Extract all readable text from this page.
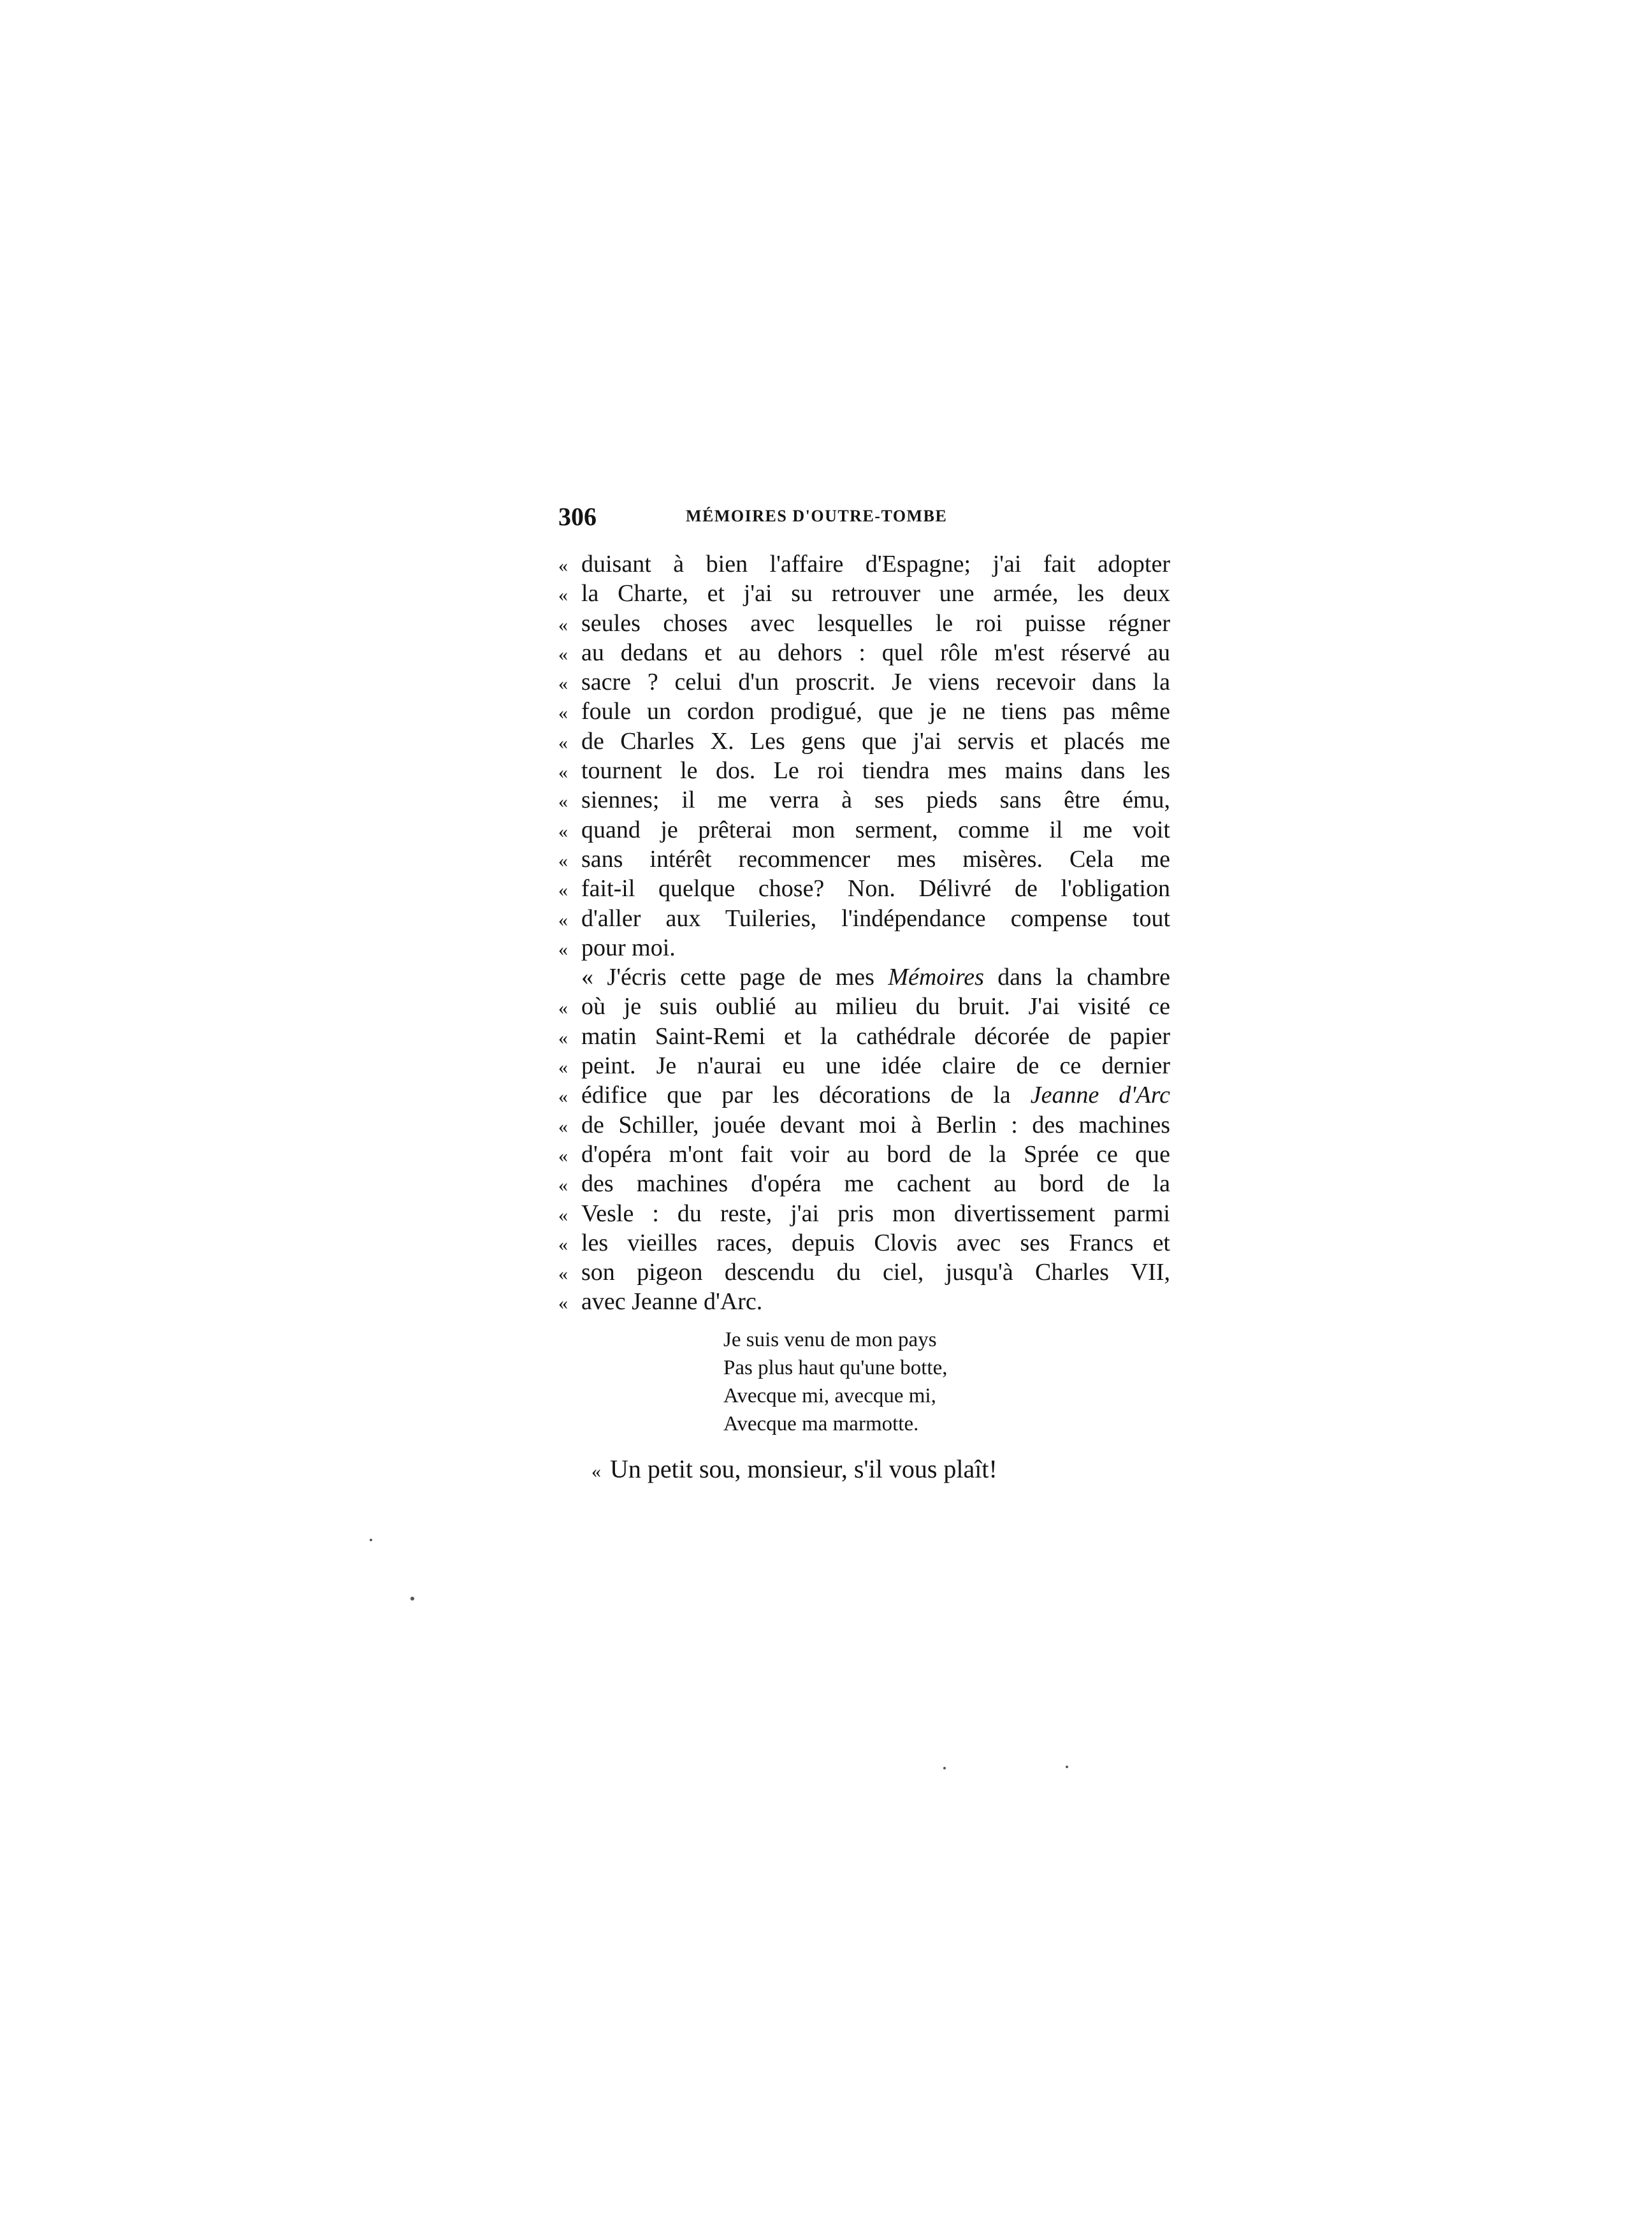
306	MÉMOIRES D'OUTRE-TOMBE
« duisant à bien l'affaire d'Espagne; j'ai fait adopter
« la Charte, et j'ai su retrouver une armée, les deux
« seules choses avec lesquelles le roi puisse régner
« au dedans et au dehors : quel rôle m'est réservé au
« sacre ? celui d'un proscrit. Je viens recevoir dans la
« foule un cordon prodigué, que je ne tiens pas même
« de Charles X. Les gens que j'ai servis et placés me
« tournent le dos. Le roi tiendra mes mains dans les
« siennes; il me verra à ses pieds sans être ému,
« quand je prêterai mon serment, comme il me voit
« sans intérêt recommencer mes misères. Cela me
« fait-il quelque chose? Non. Délivré de l'obligation
« d'aller aux Tuileries, l'indépendance compense tout
« pour moi.
« J'écris cette page de mes Mémoires dans la chambre
« où je suis oublié au milieu du bruit. J'ai visité ce
« matin Saint-Remi et la cathédrale décorée de papier
« peint. Je n'aurai eu une idée claire de ce dernier
« édifice que par les décorations de la Jeanne d'Arc
« de Schiller, jouée devant moi à Berlin : des machines
« d'opéra m'ont fait voir au bord de la Sprée ce que
« des machines d'opéra me cachent au bord de la
« Vesle : du reste, j'ai pris mon divertissement parmi
« les vieilles races, depuis Clovis avec ses Francs et
« son pigeon descendu du ciel, jusqu'à Charles VII,
« avec Jeanne d'Arc.
Je suis venu de mon pays
Pas plus haut qu'une botte,
Avecque mi, avecque mi,
Avecque ma marmotte.
« Un petit sou, monsieur, s'il vous plaît!
